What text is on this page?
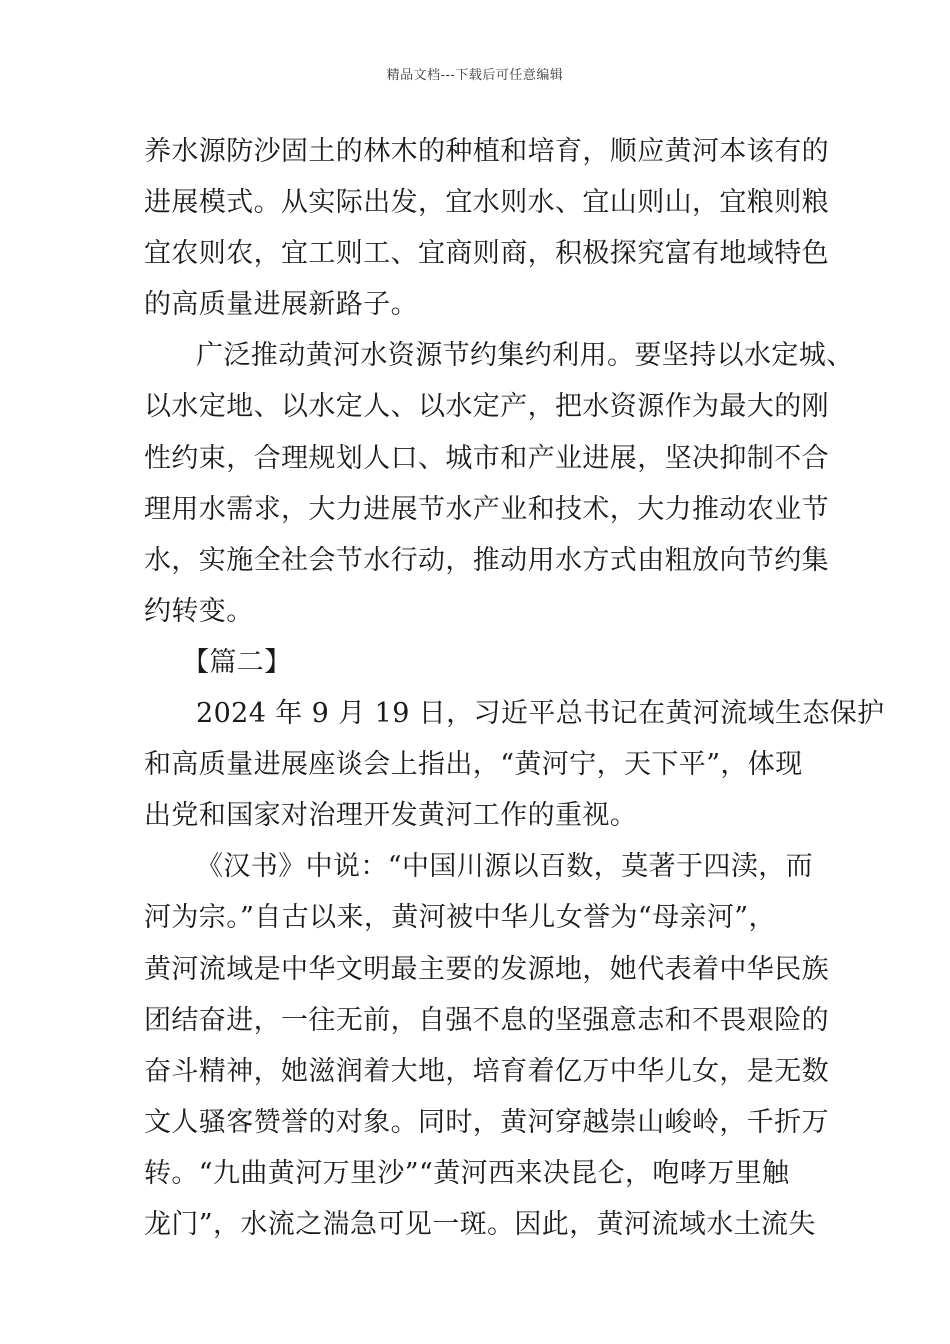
精品文档---下载后可任意编辑
养水源防沙固土的林木的种植和培育，顺应黄河本该有的
进展模式。从实际出发，宜水则水、宜山则山，宜粮则粮
宜农则农，宜工则工、宜商则商，积极探究富有地域特色
的高质量进展新路子。
广泛推动黄河水资源节约集约利用。要坚持以水定城、
以水定地、以水定人、以水定产，把水资源作为最大的刚
性约束，合理规划人口、城市和产业进展，坚决抑制不合
理用水需求，大力进展节水产业和技术，大力推动农业节
水，实施全社会节水行动，推动用水方式由粗放向节约集
约转变。
【篇二】
2024 年 9 月 19 日，习近平总书记在黄河流域生态保护
和高质量进展座谈会上指出，“黄河宁，天下平”，体现
出党和国家对治理开发黄河工作的重视。
《汉书》中说：“中国川源以百数，莫著于四渎，而
河为宗。”自古以来，黄河被中华儿女誉为“母亲河”，
黄河流域是中华文明最主要的发源地，她代表着中华民族
团结奋进，一往无前，自强不息的坚强意志和不畏艰险的
奋斗精神，她滋润着大地，培育着亿万中华儿女，是无数
文人骚客赞誉的对象。同时，黄河穿越崇山峻岭，千折万
转。“九曲黄河万里沙”“黄河西来决昆仑，咆哮万里触
龙门”，水流之湍急可见一斑。因此，黄河流域水土流失
